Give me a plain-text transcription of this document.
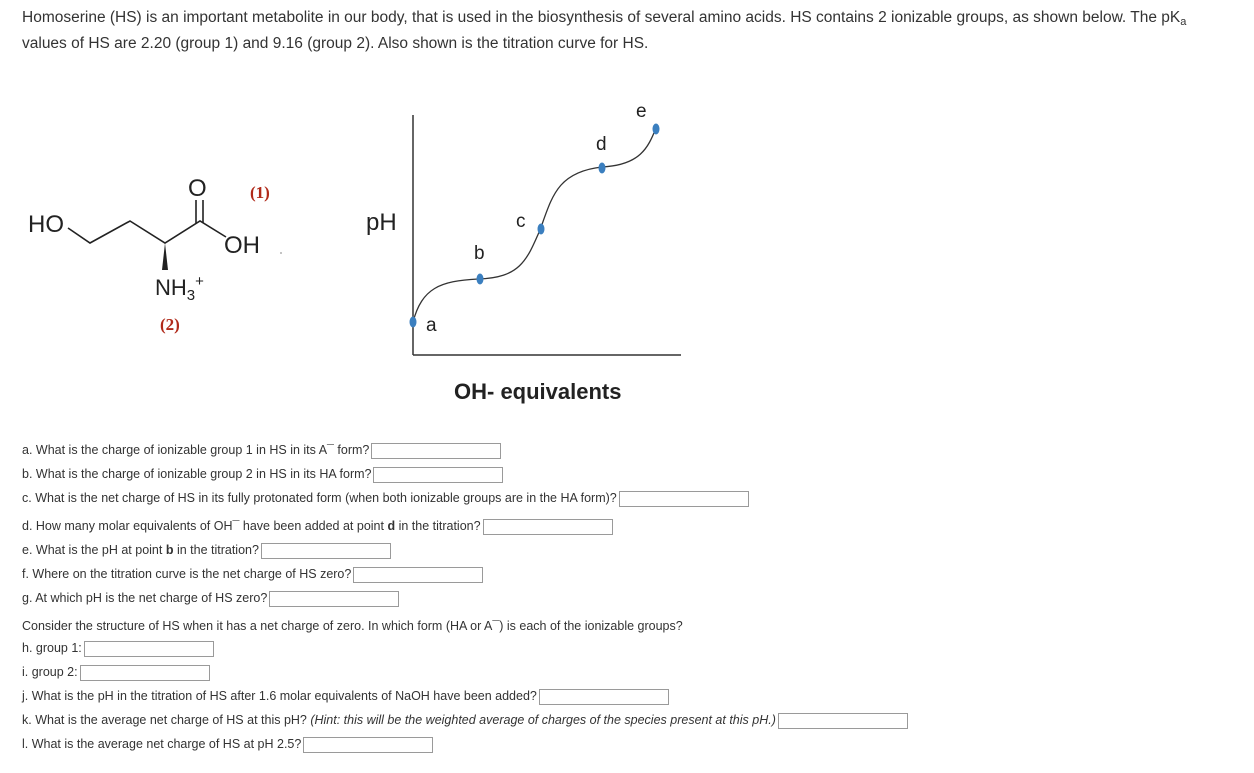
Homoserine (HS) is an important metabolite in our body, that is used in the biosynthesis of several amino acids. HS contains 2 ionizable groups, as shown below. The $pK_a$
values of HS are 2.20 (group 1) and 9.16 (group 2). Also shown is the titration curve for HS.
HO
O
OH
$NH_3^+$
(1)
(2)
pH
OH- equivalents
a
b
c
d
e
a. What is the charge of ionizable group 1 in HS in its A¯ form?
b. What is the charge of ionizable group 2 in HS in its HA form?
c. What is the net charge of HS in its fully protonated form (when both ionizable groups are in the HA form)?
d. How many molar equivalents of OH¯ have been added at point d in the titration?
e. What is the pH at point b in the titration?
f. Where on the titration curve is the net charge of HS zero?
g. At which pH is the net charge of HS zero?
Consider the structure of HS when it has a net charge of zero. In which form (HA or A¯) is each of the ionizable groups?
h. group 1:
i. group 2:
j. What is the pH in the titration of HS after 1.6 molar equivalents of NaOH have been added?
k. What is the average net charge of HS at this pH? (Hint: this will be the weighted average of charges of the species present at this pH.)
l. What is the average net charge of HS at pH 2.5?
